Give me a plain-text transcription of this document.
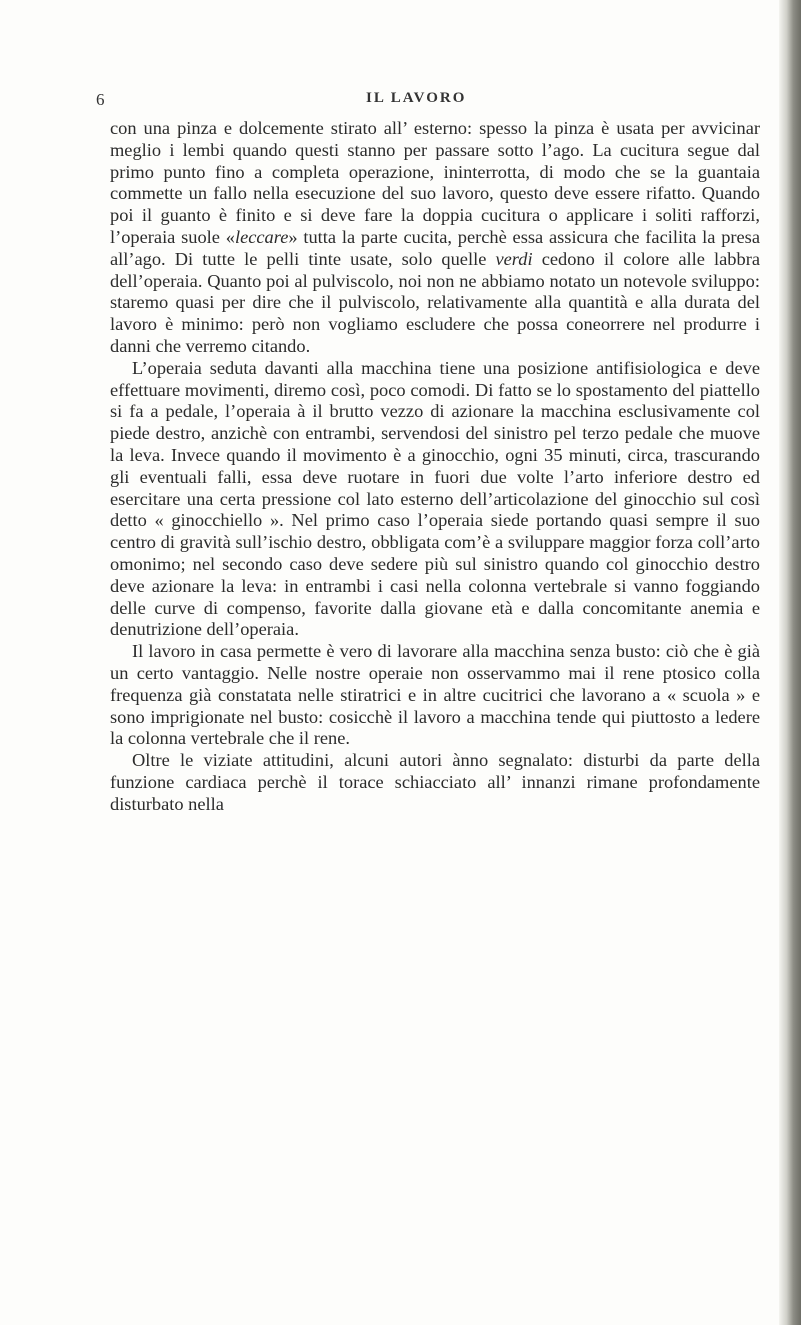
6	IL LAVORO

con una pinza e dolcemente stirato all’ esterno: spesso la pinza è usata per avvicinar meglio i lembi quando questi stanno per passare sotto l’ago. La cucitura segue dal primo punto fino a completa operazione, ininterrotta, di modo che se la guantaia commette un fallo nella esecuzione del suo lavoro, questo deve essere rifatto. Quando poi il guanto è finito e si deve fare la doppia cucitura o applicare i soliti rafforzi, l’operaia suole «leccare» tutta la parte cucita, perchè essa assicura che facilita la presa all’ago. Di tutte le pelli tinte usate, solo quelle verdi cedono il colore alle labbra dell’operaia. Quanto poi al pulviscolo, noi non ne abbiamo notato un notevole sviluppo: staremo quasi per dire che il pulviscolo, relativamente alla quantità e alla durata del lavoro è minimo: però non vogliamo escludere che possa coneorrere nel produrre i danni che verremo citando.

L’operaia seduta davanti alla macchina tiene una posizione antifisiologica e deve effettuare movimenti, diremo così, poco comodi. Di fatto se lo spostamento del piattello si fa a pedale, l’operaia à il brutto vezzo di azionare la macchina esclusivamente col piede destro, anzichè con entrambi, servendosi del sinistro pel terzo pedale che muove la leva. Invece quando il movimento è a ginocchio, ogni 35 minuti, circa, trascurando gli eventuali falli, essa deve ruotare in fuori due volte l’arto inferiore destro ed esercitare una certa pressione col lato esterno dell’articolazione del ginocchio sul così detto « ginocchiello ». Nel primo caso l’operaia siede portando quasi sempre il suo centro di gravità sull’ischio destro, obbligata com’è a sviluppare maggior forza coll’arto omonimo; nel secondo caso deve sedere più sul sinistro quando col ginocchio destro deve azionare la leva: in entrambi i casi nella colonna vertebrale si vanno foggiando delle curve di compenso, favorite dalla giovane età e dalla concomitante anemia e denutrizione dell’operaia.

Il lavoro in casa permette è vero di lavorare alla macchina senza busto: ciò che è già un certo vantaggio. Nelle nostre operaie non osservammo mai il rene ptosico colla frequenza già constatata nelle stiratrici e in altre cucitrici che lavorano a « scuola » e sono imprigionate nel busto: cosicchè il lavoro a macchina tende qui piuttosto a ledere la colonna vertebrale che il rene.

Oltre le viziate attitudini, alcuni autori ànno segnalato: disturbi da parte della funzione cardiaca perchè il torace schiacciato all’ innanzi rimane profondamente disturbato nella
